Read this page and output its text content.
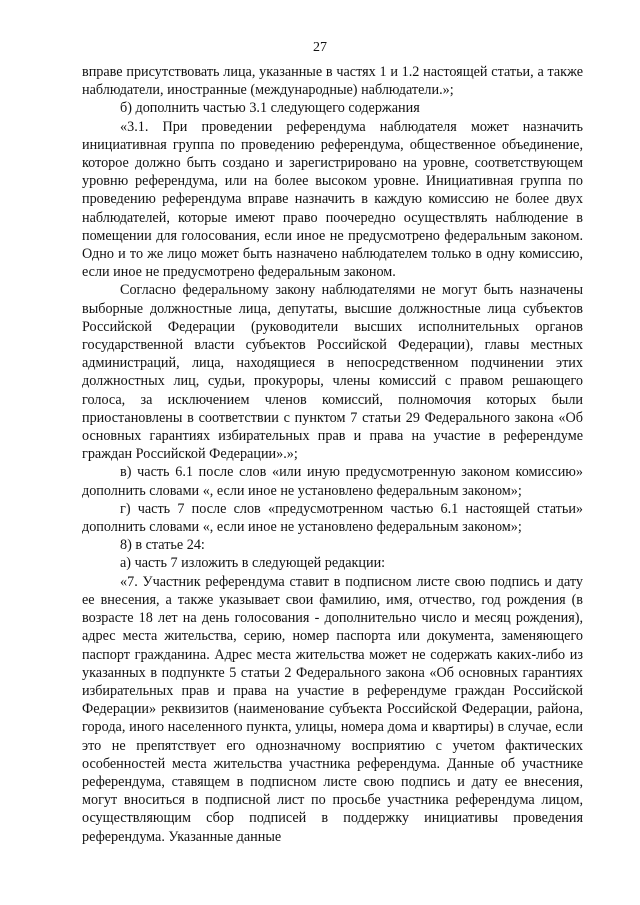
27

вправе присутствовать лица, указанные в частях 1 и 1.2 настоящей статьи, а также наблюдатели, иностранные (международные) наблюдатели.»;

б) дополнить частью 3.1 следующего содержания

«3.1. При проведении референдума наблюдателя может назначить инициативная группа по проведению референдума, общественное объединение, которое должно быть создано и зарегистрировано на уровне, соответствующем уровню референдума, или на более высоком уровне. Инициативная группа по проведению референдума вправе назначить в каждую комиссию не более двух наблюдателей, которые имеют право поочередно осуществлять наблюдение в помещении для голосования, если иное не предусмотрено федеральным законом. Одно и то же лицо может быть назначено наблюдателем только в одну комиссию, если иное не предусмотрено федеральным законом.

Согласно федеральному закону наблюдателями не могут быть назначены выборные должностные лица, депутаты, высшие должностные лица субъектов Российской Федерации (руководители высших исполнительных органов государственной власти субъектов Российской Федерации), главы местных администраций, лица, находящиеся в непосредственном подчинении этих должностных лиц, судьи, прокуроры, члены комиссий с правом решающего голоса, за исключением членов комиссий, полномочия которых были приостановлены в соответствии с пунктом 7 статьи 29 Федерального закона «Об основных гарантиях избирательных прав и права на участие в референдуме граждан Российской Федерации».»;

в) часть 6.1 после слов «или иную предусмотренную законом комиссию» дополнить словами «, если иное не установлено федеральным законом»;

г) часть 7 после слов «предусмотренном частью 6.1 настоящей статьи» дополнить словами «, если иное не установлено федеральным законом»;

8) в статье 24:

а) часть 7 изложить в следующей редакции:

«7. Участник референдума ставит в подписном листе свою подпись и дату ее внесения, а также указывает свои фамилию, имя, отчество, год рождения (в возрасте 18 лет на день голосования - дополнительно число и месяц рождения), адрес места жительства, серию, номер паспорта или документа, заменяющего паспорт гражданина. Адрес места жительства может не содержать каких-либо из указанных в подпункте 5 статьи 2 Федерального закона «Об основных гарантиях избирательных прав и права на участие в референдуме граждан Российской Федерации» реквизитов (наименование субъекта Российской Федерации, района, города, иного населенного пункта, улицы, номера дома и квартиры) в случае, если это не препятствует его однозначному восприятию с учетом фактических особенностей места жительства участника референдума. Данные об участнике референдума, ставящем в подписном листе свою подпись и дату ее внесения, могут вноситься в подписной лист по просьбе участника референдума лицом, осуществляющим сбор подписей в поддержку инициативы проведения референдума. Указанные данные
